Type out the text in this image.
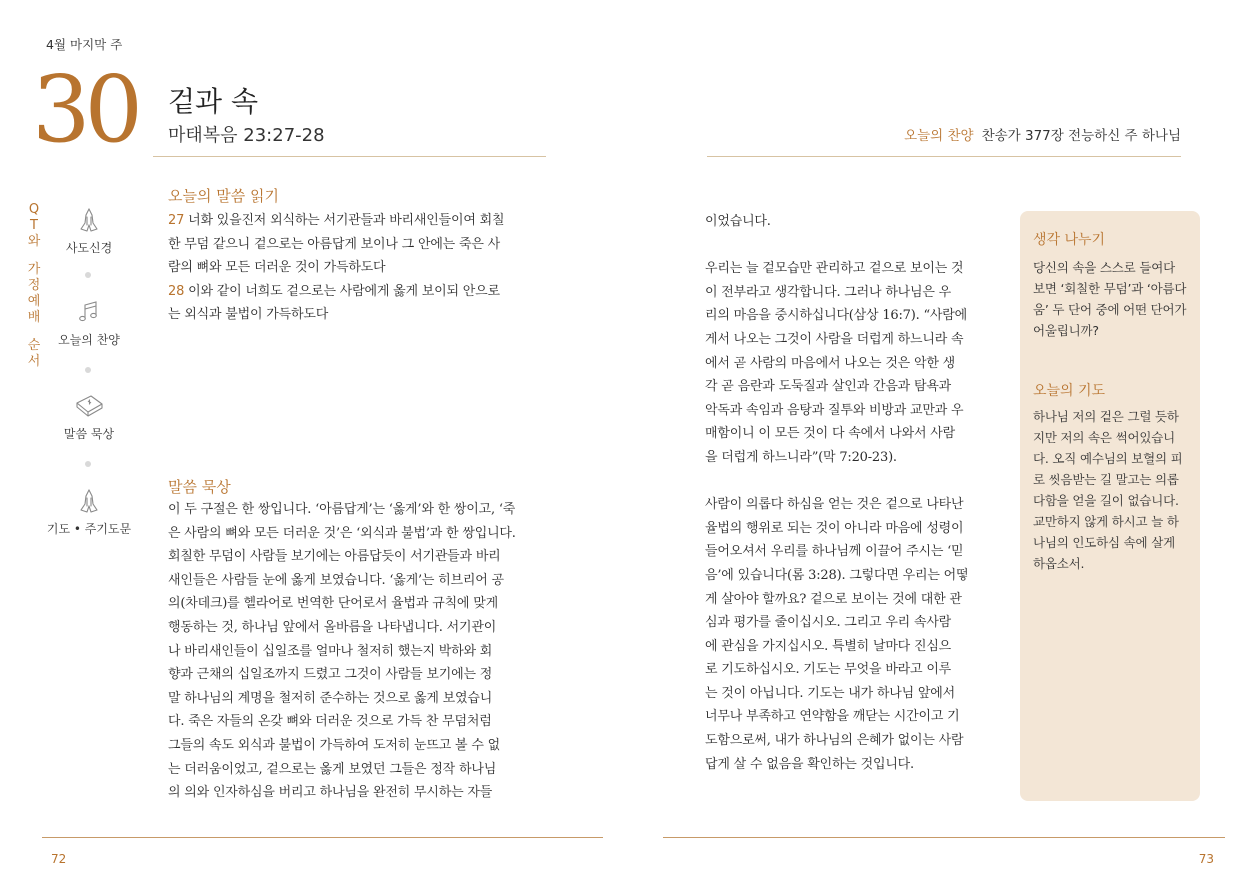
4월 마지막 주
30 겉과 속
마태복음 23:27-28	오늘의 찬양 찬송가 377장 전능하신 주 하나님
Q
T
와
가
정
예
배
순
서
사도신경
오늘의 찬양
말씀 묵상
기도 • 주기도문
오늘의 말씀 읽기
27 너화 있을진저 외식하는 서기관들과 바리새인들이여 회칠
한 무덤 같으니 겉으로는 아름답게 보이나 그 안에는 죽은 사
람의 뼈와 모든 더러운 것이 가득하도다
28 이와 같이 너희도 겉으로는 사람에게 옳게 보이되 안으로
는 외식과 불법이 가득하도다
말씀 묵상
이 두 구절은 한 쌍입니다. ‘아름답게’는 ‘옳게’와 한 쌍이고, ‘죽
은 사람의 뼈와 모든 더러운 것’은 ‘외식과 불법’과 한 쌍입니다.
회칠한 무덤이 사람들 보기에는 아름답듯이 서기관들과 바리
새인들은 사람들 눈에 옳게 보였습니다. ‘옳게’는 히브리어 공
의(차데크)를 헬라어로 번역한 단어로서 율법과 규칙에 맞게
행동하는 것, 하나님 앞에서 올바름을 나타냅니다. 서기관이
나 바리새인들이 십일조를 얼마나 철저히 했는지 박하와 회
향과 근채의 십일조까지 드렸고 그것이 사람들 보기에는 정
말 하나님의 계명을 철저히 준수하는 것으로 옳게 보였습니
다. 죽은 자들의 온갖 뼈와 더러운 것으로 가득 찬 무덤처럼
그들의 속도 외식과 불법이 가득하여 도저히 눈뜨고 볼 수 없
는 더러움이었고, 겉으로는 옳게 보였던 그들은 정작 하나님
의 의와 인자하심을 버리고 하나님을 완전히 무시하는 자들
이었습니다.
우리는 늘 겉모습만 관리하고 겉으로 보이는 것
이 전부라고 생각합니다. 그러나 하나님은 우
리의 마음을 중시하십니다(삼상 16:7). “사람에
게서 나오는 그것이 사람을 더럽게 하느니라 속
에서 곧 사람의 마음에서 나오는 것은 악한 생
각 곧 음란과 도둑질과 살인과 간음과 탐욕과
악독과 속임과 음탕과 질투와 비방과 교만과 우
매함이니 이 모든 것이 다 속에서 나와서 사람
을 더럽게 하느니라”(막 7:20-23).
사람이 의롭다 하심을 얻는 것은 겉으로 나타난
율법의 행위로 되는 것이 아니라 마음에 성령이
들어오셔서 우리를 하나님께 이끌어 주시는 ‘믿
음’에 있습니다(롬 3:28). 그렇다면 우리는 어떻
게 살아야 할까요? 겉으로 보이는 것에 대한 관
심과 평가를 줄이십시오. 그리고 우리 속사람
에 관심을 가지십시오. 특별히 날마다 진심으
로 기도하십시오. 기도는 무엇을 바라고 이루
는 것이 아닙니다. 기도는 내가 하나님 앞에서
너무나 부족하고 연약함을 깨닫는 시간이고 기
도함으로써, 내가 하나님의 은혜가 없이는 사람
답게 살 수 없음을 확인하는 것입니다.
생각 나누기
당신의 속을 스스로 들여다
보면 ‘회칠한 무덤’과 ‘아름다
움’ 두 단어 중에 어떤 단어가
어울립니까?
오늘의 기도
하나님 저의 겉은 그럴 듯하
지만 저의 속은 썩어있습니
다. 오직 예수님의 보혈의 피
로 씻음받는 길 말고는 의롭
다함을 얻을 길이 없습니다.
교만하지 않게 하시고 늘 하
나님의 인도하심 속에 살게
하옵소서.
72	73
